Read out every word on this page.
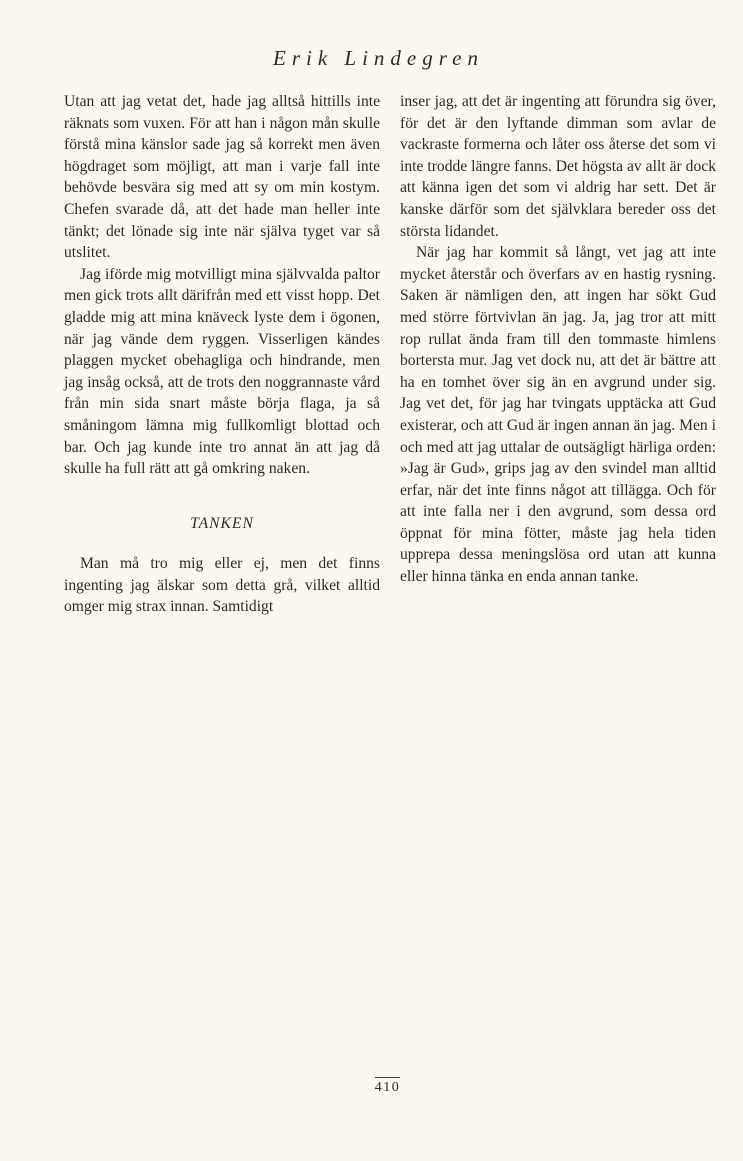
Erik Lindegren

Utan att jag vetat det, hade jag alltså hittills inte räknats som vuxen. För att han i någon mån skulle förstå mina känslor sade jag så korrekt men även högdraget som möjligt, att man i varje fall inte behövde besvära sig med att sy om min kostym. Chefen svarade då, att det hade man heller inte tänkt; det lönade sig inte när själva tyget var så utslitet.

Jag iförde mig motvilligt mina självvalda paltor men gick trots allt därifrån med ett visst hopp. Det gladde mig att mina knäveck lyste dem i ögonen, när jag vände dem ryggen. Visserligen kändes plaggen mycket obehagliga och hindrande, men jag insåg också, att de trots den noggrannaste vård från min sida snart måste börja flaga, ja så småningom lämna mig fullkomligt blottad och bar. Och jag kunde inte tro annat än att jag då skulle ha full rätt att gå omkring naken.

TANKEN

Man må tro mig eller ej, men det finns ingenting jag älskar som detta grå, vilket alltid omger mig strax innan. Samtidigt

inser jag, att det är ingenting att förundra sig över, för det är den lyftande dimman som avlar de vackraste formerna och låter oss återse det som vi inte trodde längre fanns. Det högsta av allt är dock att känna igen det som vi aldrig har sett. Det är kanske därför som det självklara bereder oss det största lidandet.

När jag har kommit så långt, vet jag att inte mycket återstår och överfars av en hastig rysning. Saken är nämligen den, att ingen har sökt Gud med större förtvivlan än jag. Ja, jag tror att mitt rop rullat ända fram till den tommaste himlens bortersta mur. Jag vet dock nu, att det är bättre att ha en tomhet över sig än en avgrund under sig. Jag vet det, för jag har tvingats upptäcka att Gud existerar, och att Gud är ingen annan än jag. Men i och med att jag uttalar de outsägligt härliga orden: »Jag är Gud», grips jag av den svindel man alltid erfar, när det inte finns något att tillägga. Och för att inte falla ner i den avgrund, som dessa ord öppnat för mina fötter, måste jag hela tiden upprepa dessa meningslösa ord utan att kunna eller hinna tänka en enda annan tanke.

410
